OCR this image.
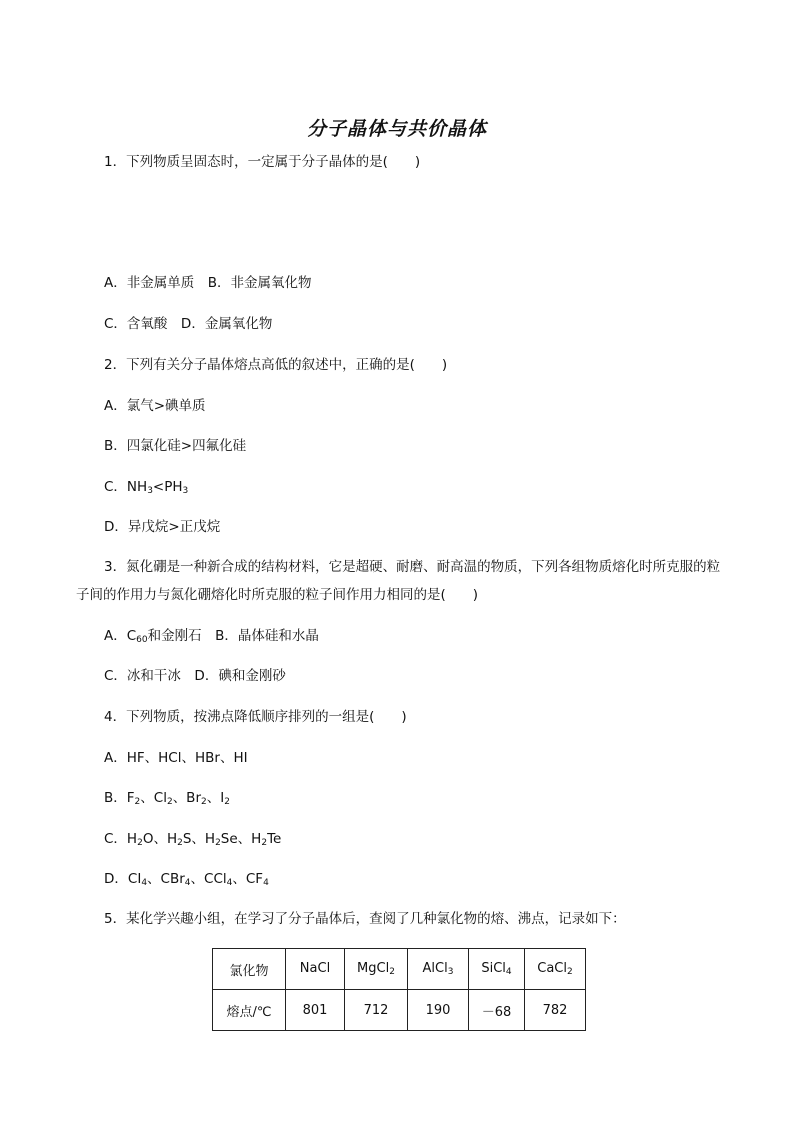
分子晶体与共价晶体
1．下列物质呈固态时，一定属于分子晶体的是(　　)
A．非金属单质　B．非金属氧化物
C．含氧酸　D．金属氧化物
2．下列有关分子晶体熔点高低的叙述中，正确的是(　　)
A．氯气>碘单质
B．四氯化硅>四氟化硅
C．$NH_3<PH_3$
D．异戊烷>正戊烷
3．氮化硼是一种新合成的结构材料，它是超硬、耐磨、耐高温的物质，下列各组物质熔化时所克服的粒子间的作用力与氮化硼熔化时所克服的粒子间作用力相同的是(　　)
A．$C_{60}$和金刚石　B．晶体硅和水晶
C．冰和干冰　D．碘和金刚砂
4．下列物质，按沸点降低顺序排列的一组是(　　)
A．HF、HCl、HBr、HI
B．$F_2$、$Cl_2$、$Br_2$、$I_2$
C．$H_2O$、$H_2S$、$H_2Se$、$H_2Te$
D．$CI_4$、CBr$_4$、CCl$_4$、$CF_4$
5．某化学兴趣小组，在学习了分子晶体后，查阅了几种氯化物的熔、沸点，记录如下：
氯化物	NaCl	MgCl$_2$	AlCl$_3$	SiCl$_4$	CaCl$_2$
熔点/℃	801	712	190	－68	782
